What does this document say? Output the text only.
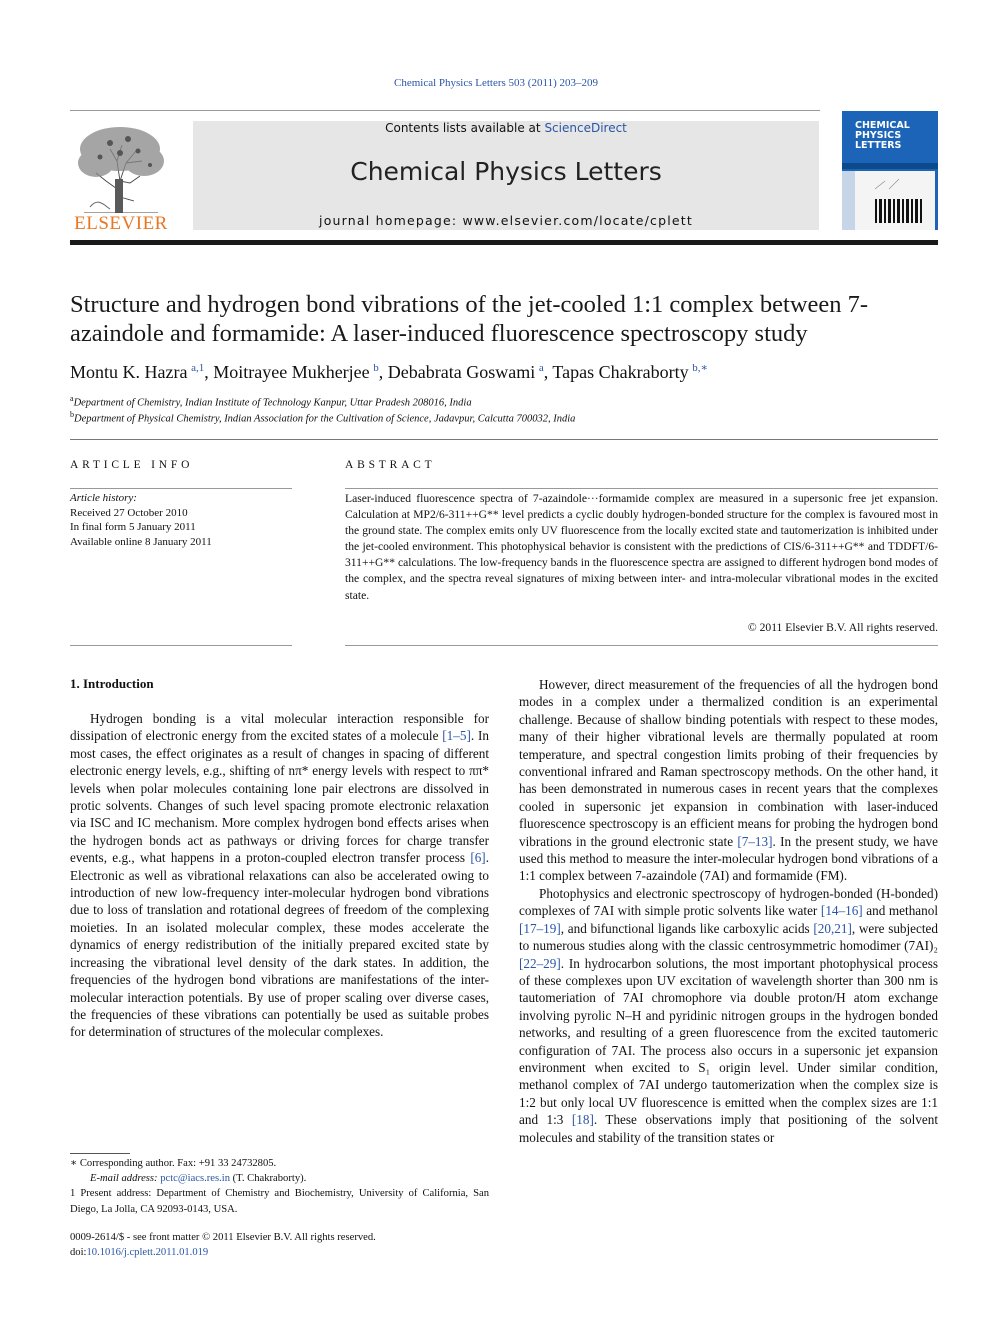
Chemical Physics Letters 503 (2011) 203–209
ELSEVIER
Contents lists available at ScienceDirect
Chemical Physics Letters
journal homepage: www.elsevier.com/locate/cplett
CHEMICAL PHYSICS LETTERS
Structure and hydrogen bond vibrations of the jet-cooled 1:1 complex between 7-azaindole and formamide: A laser-induced fluorescence spectroscopy study
Montu K. Hazra  $^{a,1}$, Moitrayee Mukherjee  $^b$, Debabrata Goswami  $^a$, Tapas Chakraborty  $^{b,∗}$
$^a$Department of Chemistry, Indian Institute of Technology Kanpur, Uttar Pradesh 208016, India
$^b$Department of Physical Chemistry, Indian Association for the Cultivation of Science, Jadavpur, Calcutta 700032, India
ARTICLE INFO	ABSTRACT
Article history:
Received 27 October 2010
In final form 5 January 2011
Available online 8 January 2011
Laser-induced fluorescence spectra of 7-azaindole···formamide complex are measured in a supersonic free jet expansion. Calculation at MP2/6-311++G** level predicts a cyclic doubly hydrogen-bonded structure for the complex is favoured most in the ground state. The complex emits only UV fluorescence from the locally excited state and tautomerization is inhibited under the jet-cooled environment. This photophysical behavior is consistent with the predictions of CIS/6-311++G** and TDDFT/6-311++G** calculations. The low-frequency bands in the fluorescence spectra are assigned to different hydrogen bond modes of the complex, and the spectra reveal signatures of mixing between inter- and intra-molecular vibrational modes in the excited state.
© 2011 Elsevier B.V. All rights reserved.
1. Introduction
Hydrogen bonding is a vital molecular interaction responsible for dissipation of electronic energy from the excited states of a molecule [1–5]. In most cases, the effect originates as a result of changes in spacing of different electronic energy levels, e.g., shifting of nπ* energy levels with respect to ππ* levels when polar molecules containing lone pair electrons are dissolved in protic solvents. Changes of such level spacing promote electronic relaxation via ISC and IC mechanism. More complex hydrogen bond effects arises when the hydrogen bonds act as pathways or driving forces for charge transfer events, e.g., what happens in a proton-coupled electron transfer process [6]. Electronic as well as vibrational relaxations can also be accelerated owing to introduction of new low-frequency inter-molecular hydrogen bond vibrations due to loss of translation and rotational degrees of freedom of the complexing moieties. In an isolated molecular complex, these modes accelerate the dynamics of energy redistribution of the initially prepared excited state by increasing the vibrational level density of the dark states. In addition, the frequencies of the hydrogen bond vibrations are manifestations of the inter-molecular interaction potentials. By use of proper scaling over diverse cases, the frequencies of these vibrations can potentially be used as suitable probes for determination of structures of the molecular complexes.

However, direct measurement of the frequencies of all the hydrogen bond modes in a complex under a thermalized condition is an experimental challenge. Because of shallow binding potentials with respect to these modes, many of their higher vibrational levels are thermally populated at room temperature, and spectral congestion limits probing of their frequencies by conventional infrared and Raman spectroscopy methods. On the other hand, it has been demonstrated in numerous cases in recent years that the complexes cooled in supersonic jet expansion in combination with laser-induced fluorescence spectroscopy is an efficient means for probing the hydrogen bond vibrations in the ground electronic state [7–13]. In the present study, we have used this method to measure the inter-molecular hydrogen bond vibrations of a 1:1 complex between 7-azaindole (7AI) and formamide (FM).

Photophysics and electronic spectroscopy of hydrogen-bonded (H-bonded) complexes of 7AI with simple protic solvents like water [14–16] and methanol [17–19], and bifunctional ligands like carboxylic acids [20,21], were subjected to numerous studies along with the classic centrosymmetric homodimer (7AI)₂ [22–29]. In hydrocarbon solutions, the most important photophysical process of these complexes upon UV excitation of wavelength shorter than 300 nm is tautomeriation of 7AI chromophore via double proton/H atom exchange involving pyrolic N–H and pyridinic nitrogen groups in the hydrogen bonded networks, and resulting of a green fluorescence from the excited tautomeric configuration of 7AI. The process also occurs in a supersonic jet expansion environment when excited to S₁ origin level. Under similar condition, methanol complex of 7AI undergo tautomerization when the complex size is 1:2 but only local UV fluorescence is emitted when the complex sizes are 1:1 and 1:3 [18]. These observations imply that positioning of the solvent molecules and stability of the transition states or

∗ Corresponding author. Fax: +91 33 24732805.
E-mail address: pctc@iacs.res.in (T. Chakraborty).
1 Present address: Department of Chemistry and Biochemistry, University of California, San Diego, La Jolla, CA 92093-0143, USA.
0009-2614/$ - see front matter © 2011 Elsevier B.V. All rights reserved.
doi:10.1016/j.cplett.2011.01.019
